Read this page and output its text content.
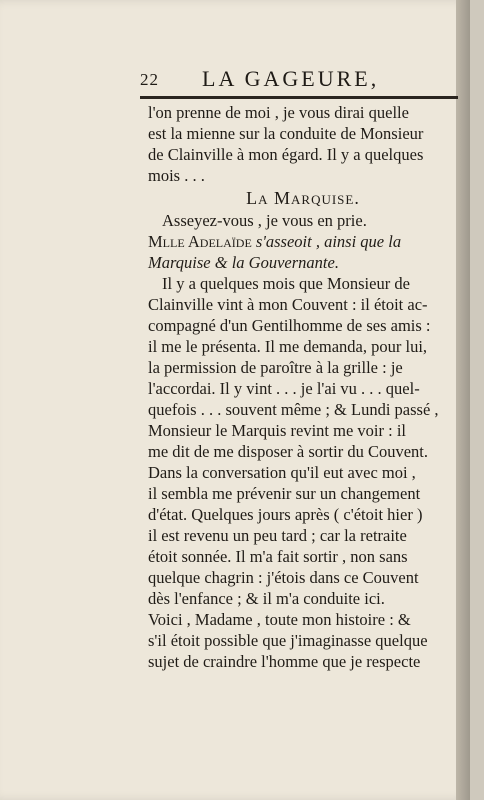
22 LA GAGEURE,
l'on prenne de moi , je vous dirai quelle
est la mienne sur la conduite de Monsieur
de Clainville à mon égard. Il y a quelques
mois . . .
La Marquise.
Asseyez-vous , je vous en prie.
Mlle Adelaïde s'asseoit , ainsi que la
Marquise & la Gouvernante.
Il y a quelques mois que Monsieur de
Clainville vint à mon Couvent : il étoit ac-
compagné d'un Gentilhomme de ses amis :
il me le présenta. Il me demanda, pour lui,
la permission de paroître à la grille : je
l'accordai. Il y vint . . . je l'ai vu . . . quel-
quefois . . . souvent même ; & Lundi passé ,
Monsieur le Marquis revint me voir : il
me dit de me disposer à sortir du Couvent.
Dans la conversation qu'il eut avec moi ,
il sembla me prévenir sur un changement
d'état. Quelques jours après ( c'étoit hier )
il est revenu un peu tard ; car la retraite
étoit sonnée. Il m'a fait sortir , non sans
quelque chagrin : j'étois dans ce Couvent
dès l'enfance ; & il m'a conduite ici.
Voici , Madame , toute mon histoire : &
s'il étoit possible que j'imaginasse quelque
sujet de craindre l'homme que je respecte
